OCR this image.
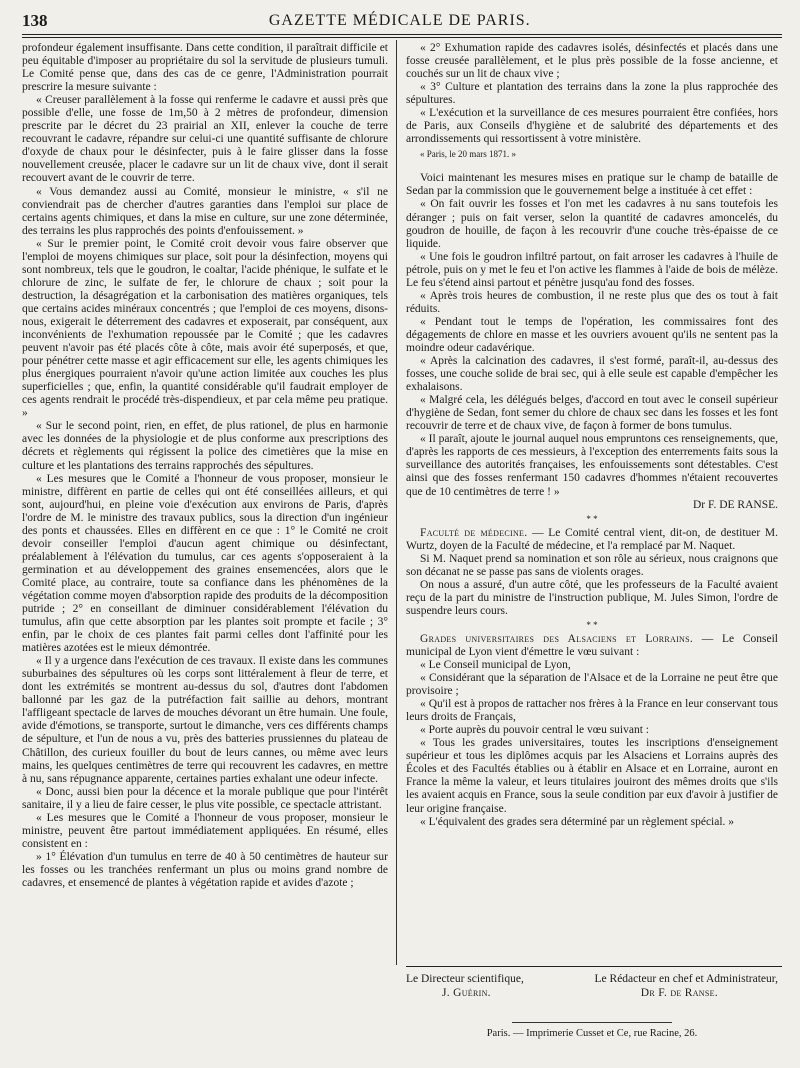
138	GAZETTE MÉDICALE DE PARIS.

profondeur également insuffisante. Dans cette condition, il paraîtrait difficile et peu équitable d'imposer au propriétaire du sol la servitude de plusieurs tumuli. Le Comité pense que, dans des cas de ce genre, l'Administration pourrait prescrire la mesure suivante :

« Creuser parallèlement à la fosse qui renferme le cadavre et aussi près que possible d'elle, une fosse de 1m,50 à 2 mètres de profondeur, dimension prescrite par le décret du 23 prairial an XII, enlever la couche de terre recouvrant le cadavre, répandre sur celui-ci une quantité suffisante de chlorure d'oxyde de chaux pour le désinfecter, puis à le faire glisser dans la fosse nouvellement creusée, placer le cadavre sur un lit de chaux vive, dont il serait recouvert avant de le couvrir de terre.

« Vous demandez aussi au Comité, monsieur le ministre, « s'il ne conviendrait pas de chercher d'autres garanties dans l'emploi sur place de certains agents chimiques, et dans la mise en culture, sur une zone déterminée, des terrains les plus rapprochés des points d'enfouissement. »

« Sur le premier point, le Comité croit devoir vous faire observer que l'emploi de moyens chimiques sur place, soit pour la désinfection, moyens qui sont nombreux, tels que le goudron, le coaltar, l'acide phénique, le sulfate et le chlorure de zinc, le sulfate de fer, le chlorure de chaux ; soit pour la destruction, la désagrégation et la carbonisation des matières organiques, tels que certains acides minéraux concentrés ; que l'emploi de ces moyens, disons-nous, exigerait le déterrement des cadavres et exposerait, par conséquent, aux inconvénients de l'exhumation repoussée par le Comité ; que les cadavres peuvent n'avoir pas été placés côte à côte, mais avoir été superposés, et que, pour pénétrer cette masse et agir efficacement sur elle, les agents chimiques les plus énergiques pourraient n'avoir qu'une action limitée aux couches les plus superficielles ; que, enfin, la quantité considérable qu'il faudrait employer de ces agents rendrait le procédé très-dispendieux, et par cela même peu pratique. »

« Sur le second point, rien, en effet, de plus rationel, de plus en harmonie avec les données de la physiologie et de plus conforme aux prescriptions des décrets et règlements qui régissent la police des cimetières que la mise en culture et les plantations des terrains rapprochés des sépultures.

« Les mesures que le Comité a l'honneur de vous proposer, monsieur le ministre, diffèrent en partie de celles qui ont été conseillées ailleurs, et qui sont, aujourd'hui, en pleine voie d'exécution aux environs de Paris, d'après l'ordre de M. le ministre des travaux publics, sous la direction d'un ingénieur des ponts et chaussées. Elles en diffèrent en ce que : 1° le Comité ne croit devoir conseiller l'emploi d'aucun agent chimique ou désinfectant, préalablement à l'élévation du tumulus, car ces agents s'opposeraient à la germination et au développement des graines ensemencées, alors que le Comité place, au contraire, toute sa confiance dans les phénomènes de la végétation comme moyen d'absorption rapide des produits de la décomposition putride ; 2° en conseillant de diminuer considérablement l'élévation du tumulus, afin que cette absorption par les plantes soit prompte et facile ; 3° enfin, par le choix de ces plantes fait parmi celles dont l'affinité pour les matières azotées est le mieux démontrée.

« Il y a urgence dans l'exécution de ces travaux. Il existe dans les communes suburbaines des sépultures où les corps sont littéralement à fleur de terre, et dont les extrémités se montrent au-dessus du sol, d'autres dont l'abdomen ballonné par les gaz de la putréfaction fait saillie au dehors, montrant l'affligeant spectacle de larves de mouches dévorant un être humain. Une foule, avide d'émotions, se transporte, surtout le dimanche, vers ces différents champs de sépulture, et l'un de nous a vu, près des batteries prussiennes du plateau de Châtillon, des curieux fouiller du bout de leurs cannes, ou même avec leurs mains, les quelques centimètres de terre qui recouvrent les cadavres, en mettre à nu, sans répugnance apparente, certaines parties exhalant une odeur infecte.

« Donc, aussi bien pour la décence et la morale publique que pour l'intérêt sanitaire, il y a lieu de faire cesser, le plus vite possible, ce spectacle attristant.

« Les mesures que le Comité a l'honneur de vous proposer, monsieur le ministre, peuvent être partout immédiatement appliquées. En résumé, elles consistent en :

» 1° Élévation d'un tumulus en terre de 40 à 50 centimètres de hauteur sur les fosses ou les tranchées renfermant un plus ou moins grand nombre de cadavres, et ensemencé de plantes à végétation rapide et avides d'azote ;

« 2° Exhumation rapide des cadavres isolés, désinfectés et placés dans une fosse creusée parallèlement, et le plus près possible de la fosse ancienne, et couchés sur un lit de chaux vive ;

« 3° Culture et plantation des terrains dans la zone la plus rapprochée des sépultures.

« L'exécution et la surveillance de ces mesures pourraient être confiées, hors de Paris, aux Conseils d'hygiène et de salubrité des départements et des arrondissements qui ressortissent à votre ministère.

« Paris, le 20 mars 1871. »

Voici maintenant les mesures mises en pratique sur le champ de bataille de Sedan par la commission que le gouvernement belge a instituée à cet effet :

« On fait ouvrir les fosses et l'on met les cadavres à nu sans toutefois les déranger ; puis on fait verser, selon la quantité de cadavres amoncelés, du goudron de houille, de façon à les recouvrir d'une couche très-épaisse de ce liquide.

« Une fois le goudron infiltré partout, on fait arroser les cadavres à l'huile de pétrole, puis on y met le feu et l'on active les flammes à l'aide de bois de mélèze. Le feu s'étend ainsi partout et pénètre jusqu'au fond des fosses.

« Après trois heures de combustion, il ne reste plus que des os tout à fait réduits.

« Pendant tout le temps de l'opération, les commissaires font des dégagements de chlore en masse et les ouvriers avouent qu'ils ne sentent pas la moindre odeur cadavérique.

« Après la calcination des cadavres, il s'est formé, paraît-il, au-dessus des fosses, une couche solide de brai sec, qui à elle seule est capable d'empêcher les exhalaisons.

« Malgré cela, les délégués belges, d'accord en tout avec le conseil supérieur d'hygiène de Sedan, font semer du chlore de chaux sec dans les fosses et les font recouvrir de terre et de chaux vive, de façon à former de bons tumulus.

« Il paraît, ajoute le journal auquel nous empruntons ces renseignements, que, d'après les rapports de ces messieurs, à l'exception des enterrements faits sous la surveillance des autorités françaises, les enfouissements sont détestables. C'est ainsi que des fosses renfermant 150 cadavres d'hommes n'étaient recouvertes que de 10 centimètres de terre ! »

Dr F. DE RANSE.

* *

Faculté de médecine. — Le Comité central vient, dit-on, de destituer M. Wurtz, doyen de la Faculté de médecine, et l'a remplacé par M. Naquet.

Si M. Naquet prend sa nomination et son rôle au sérieux, nous craignons que son décanat ne se passe pas sans de violents orages.

On nous a assuré, d'un autre côté, que les professeurs de la Faculté avaient reçu de la part du ministre de l'instruction publique, M. Jules Simon, l'ordre de suspendre leurs cours.

* *

Grades universitaires des Alsaciens et Lorrains. — Le Conseil municipal de Lyon vient d'émettre le vœu suivant :

« Le Conseil municipal de Lyon,

« Considérant que la séparation de l'Alsace et de la Lorraine ne peut être que provisoire ;

« Qu'il est à propos de rattacher nos frères à la France en leur conservant tous leurs droits de Français,

« Porte auprès du pouvoir central le vœu suivant :

« Tous les grades universitaires, toutes les inscriptions d'enseignement supérieur et tous les diplômes acquis par les Alsaciens et Lorrains auprès des Écoles et des Facultés établies ou à établir en Alsace et en Lorraine, auront en France la même la valeur, et leurs titulaires jouiront des mêmes droits que s'ils les avaient acquis en France, sous la seule condition par eux d'avoir à justifier de leur origine française.

« L'équivalent des grades sera déterminé par un règlement spécial. »

Le Directeur scientifique,	Le Rédacteur en chef et Administrateur,
J. Guérin.	Dr F. de Ranse.
Paris. — Imprimerie Cusset et Ce, rue Racine, 26.
